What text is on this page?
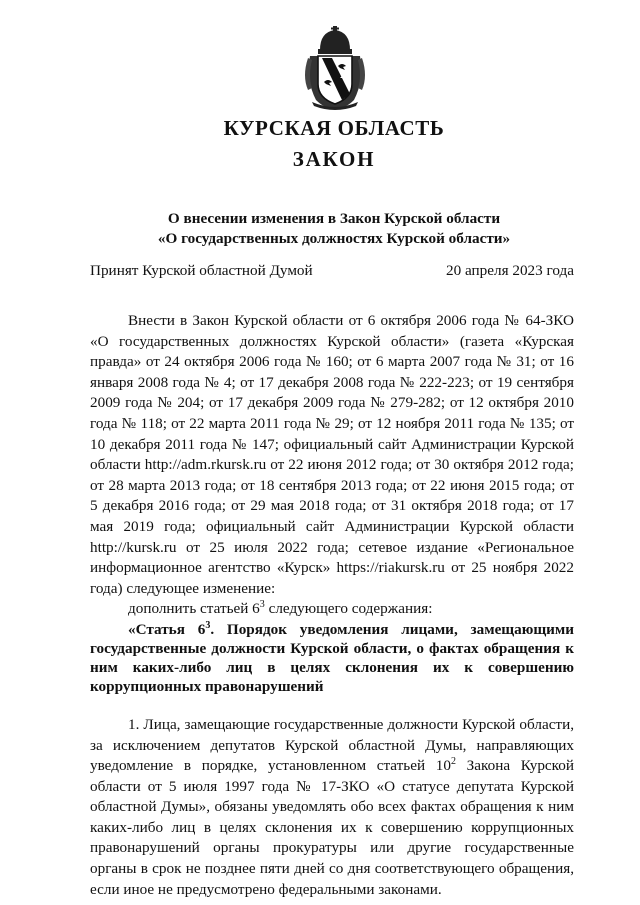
КУРСКАЯ ОБЛАСТЬ
ЗАКОН
О внесении изменения в Закон Курской области
«О государственных должностях Курской области»
Принят Курской областной Думой	20 апреля 2023 года

Внести в Закон Курской области от 6 октября 2006 года № 64-ЗКО «О государственных должностях Курской области» (газета «Курская правда» от 24 октября 2006 года № 160; от 6 марта 2007 года № 31; от 16 января 2008 года № 4; от 17 декабря 2008 года № 222-223; от 19 сентября 2009 года № 204; от 17 декабря 2009 года № 279-282; от 12 октября 2010 года № 118; от 22 марта 2011 года № 29; от 12 ноября 2011 года № 135; от 10 декабря 2011 года № 147; официальный сайт Администрации Курской области http://adm.rkursk.ru от 22 июня 2012 года; от 30 октября 2012 года; от 28 марта 2013 года; от 18 сентября 2013 года; от 22 июня 2015 года; от 5 декабря 2016 года; от 29 мая 2018 года; от 31 октября 2018 года; от 17 мая 2019 года; официальный сайт Администрации Курской области http://kursk.ru от 25 июля 2022 года; сетевое издание «Региональное информационное агентство «Курск» https://riakursk.ru от 25 ноября 2022 года) следующее изменение:

дополнить статьей $6^3$ следующего содержания:

«Статья $6^3$. Порядок уведомления лицами, замещающими государственные должности Курской области, о фактах обращения к ним каких-либо лиц в целях склонения их к совершению коррупционных правонарушений

1. Лица, замещающие государственные должности Курской области, за исключением депутатов Курской областной Думы, направляющих уведомление в порядке, установленном статьей $10^2$ Закона Курской области от 5 июля 1997 года № 17-ЗКО «О статусе депутата Курской областной Думы», обязаны уведомлять обо всех фактах обращения к ним каких-либо лиц в целях склонения их к совершению коррупционных правонарушений органы прокуратуры или другие государственные органы в срок не позднее пяти дней со дня соответствующего обращения, если иное не предусмотрено федеральными законами.
